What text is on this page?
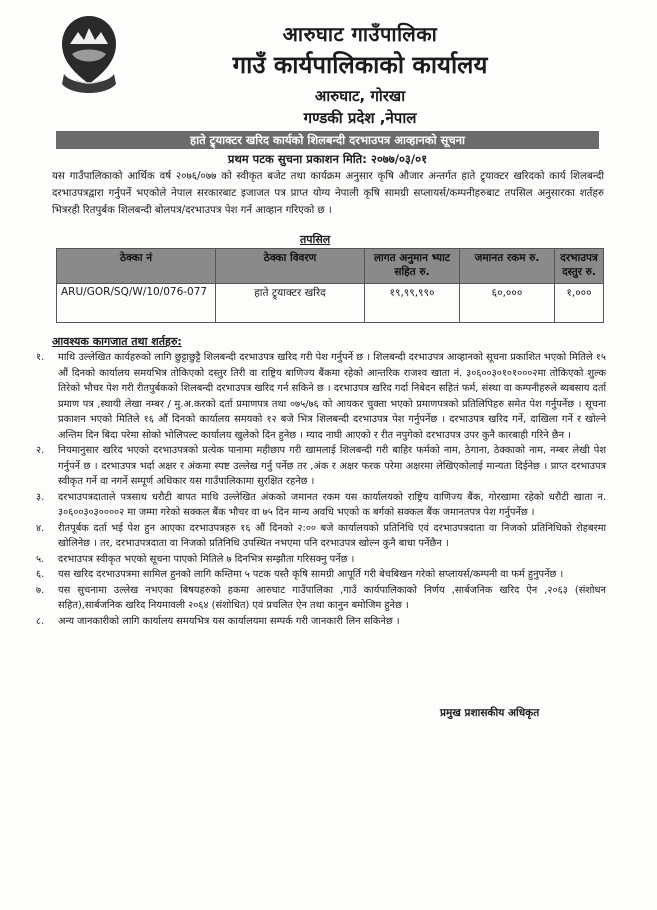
आरुघाट गाउँपालिका
गाउँ कार्यपालिकाको कार्यालय
आरुघाट, गोरखा
गण्डकी प्रदेश ,नेपाल
हाते ट्र्याक्टर खरिद कार्यको शिलबन्दी दरभाउपत्र आव्हानको सूचना
प्रथम पटक सुचना प्रकाशन मिति: २०७७/०३/०१
यस गाउँपालिकाको आर्थिक वर्ष २०७६/०७७ को स्वीकृत बजेट तथा कार्यक्रम अनुसार कृषि औजार अन्तर्गत हाते ट्र्याक्टर खरिदको कार्य शिलबन्दी दरभाउपत्रद्वारा गर्नुपर्ने भएकोले नेपाल सरकारबाट इजाजत पत्र प्राप्त योग्य नेपाली कृषि सामग्री सप्लायर्स/कम्पनीहरुबाट तपसिल अनुसारका शर्तहरु भित्ररही रितपुर्बक शिलबन्दी बोलपत्र/दरभाउपत्र पेश गर्न आव्हान गरिएको छ ।
तपसिल
ठेक्का नं	ठेक्का विवरण	लागत अनुमान भ्याट सहित रु.	जमानत रकम रु.	दरभाउपत्र दस्तुर रु.
ARU/GOR/SQ/W/10/076-077	हाते ट्र्याक्टर खरिद	१९,९९,९९०	६०,०००	१,०००
आवश्यक कागजात तथा शर्तहरु:
१.	माथि उल्लेखित कार्यहरुको लागि छुट्टाछुट्टै शिलबन्दी दरभाउपत्र खरिद गरी पेश गर्नुपर्ने छ । शिलबन्दी दरभाउपत्र आव्हानको सूचना प्रकाशित भएको मितिले १५ औं दिनको कार्यालय समयभित्र तोकिएको दस्तुर तिरी वा राष्ट्रिय बाणिज्य बैंकमा रहेको आन्तरिक राजश्व खाता नं. ३०६००३०१०१०००२मा तोकिएको शुल्क तिरेको भौचर पेश गरी रीतपुर्बकको शिलबन्दी दरभाउपत्र खरिद गर्न सकिने छ । दरभाउपत्र खरिद गर्दा निबेदन सहितं फर्म, संस्था वा कम्पनीहरुले ब्यबसाय दर्ता प्रमाण पत्र ,स्थायी लेखा नम्बर / मु.अ.करको दर्ता प्रमाणपत्र तथा ०७५/७६ को आयकर चुक्ता भएको प्रमाणपत्रको प्रतिलिपिहरु समेत पेश गर्नुपर्नेछ । सूचना प्रकाशन भएको मितिले १६ औं दिनको कार्यालय समयको १२ बजे भित्र शिलबन्दी दरभाउपत्र पेश गर्नुपर्नेछ । दरभाउपत्र खरिद गर्ने, दाखिला गर्ने र खोल्ने अन्तिम दिन बिदा परेमा सोको भोलिपल्ट कार्यालय खुलेको दिन हुनेछ । म्याद नाघी आएको र रीत नपुगेको दरभाउपत्र उपर कुनै कारबाही गरिने छैन ।
२.	नियमानुसार खरिद भएको दरभाउपत्रको प्रत्येक पानामा महीछाप गरी खामलाई शिलबन्दी गरी बाहिर फर्मको नाम, ठेगाना, ठेक्काको नाम, नम्बर लेखी पेश गर्नुपर्ने छ । दरभाउपत्र भर्दा अक्षर र अंकमा स्पष्ट उल्लेख गर्नु पर्नेछ तर ,अंक र अक्षर फरक परेमा अक्षरमा लेखिएकोलाई मान्यता दिईनेछ । प्राप्त दरभाउपत्र स्वीकृत गर्ने वा नगर्ने सम्पूर्ण अधिकार यस गाउँपालिकामा सुरक्षित रहनेछ ।
३.	दरभाउपत्रदाताले पत्रसाथ धरौटी बापत माथि उल्लेखित अंकको जमानत रकम यस कार्यालयको राष्ट्रिय वाणिज्य बैंक, गोरखामा रहेको धरौटी खाता न. ३०६००३०३००००२ मा जम्मा गरेको सक्कल बैंक भौचर वा ७५ दिन मान्य अवधि भएको क बर्गको सक्कल बैंक जमानतपत्र पेश गर्नुपर्नेछ ।
४.	रीतपूर्बक दर्ता भई पेश हुन आएका दरभाउपत्रहरु १६ औं दिनको २:०० बजे कार्यालयको प्रतिनिधि एवं दरभाउपत्रदाता वा निजको प्रतिनिधिको रोहबरमा खोलिनेछ । तर, दरभाउपत्रदाता वा निजको प्रतिनिधि उपस्थित नभएमा पनि दरभाउपत्र खोल्न कुनै बाधा पर्नेछैन ।
५.	दरभाउपत्र स्वीकृत भएको सूचना पाएको मितिले ७ दिनभित्र सम्झौता गरिसक्नु पर्नेछ ।
६.	यस खरिद दरभाउपत्रमा सामिल हुनको लागि कम्तिमा ५ पटक यस्तै कृषि सामग्री आपूर्ति गरी बेचबिखन गरेको सप्लायर्स/कम्पनी वा फर्म हुनुपर्नेछ ।
७.	यस सुचनामा उल्लेख नभएका बिषयहरुको हकमा आरुघाट गाउँपालिका ,गाउँ कार्यपालिकाको निर्णय ,सार्बजनिक खरिद ऐन ,२०६३ (संशोधन सहित),सार्बजनिक खरिद नियमावली २०६४ (संशोधित) एवं प्रचलित ऐन तथा कानुन बमोजिम हुनेछ ।
८.	अन्य जानकारीको लागि कार्यालय समयभित्र यस कार्यालयमा सम्पर्क गरी जानकारी लिन सकिनेछ ।
प्रमुख प्रशासकीय अधिकृत
